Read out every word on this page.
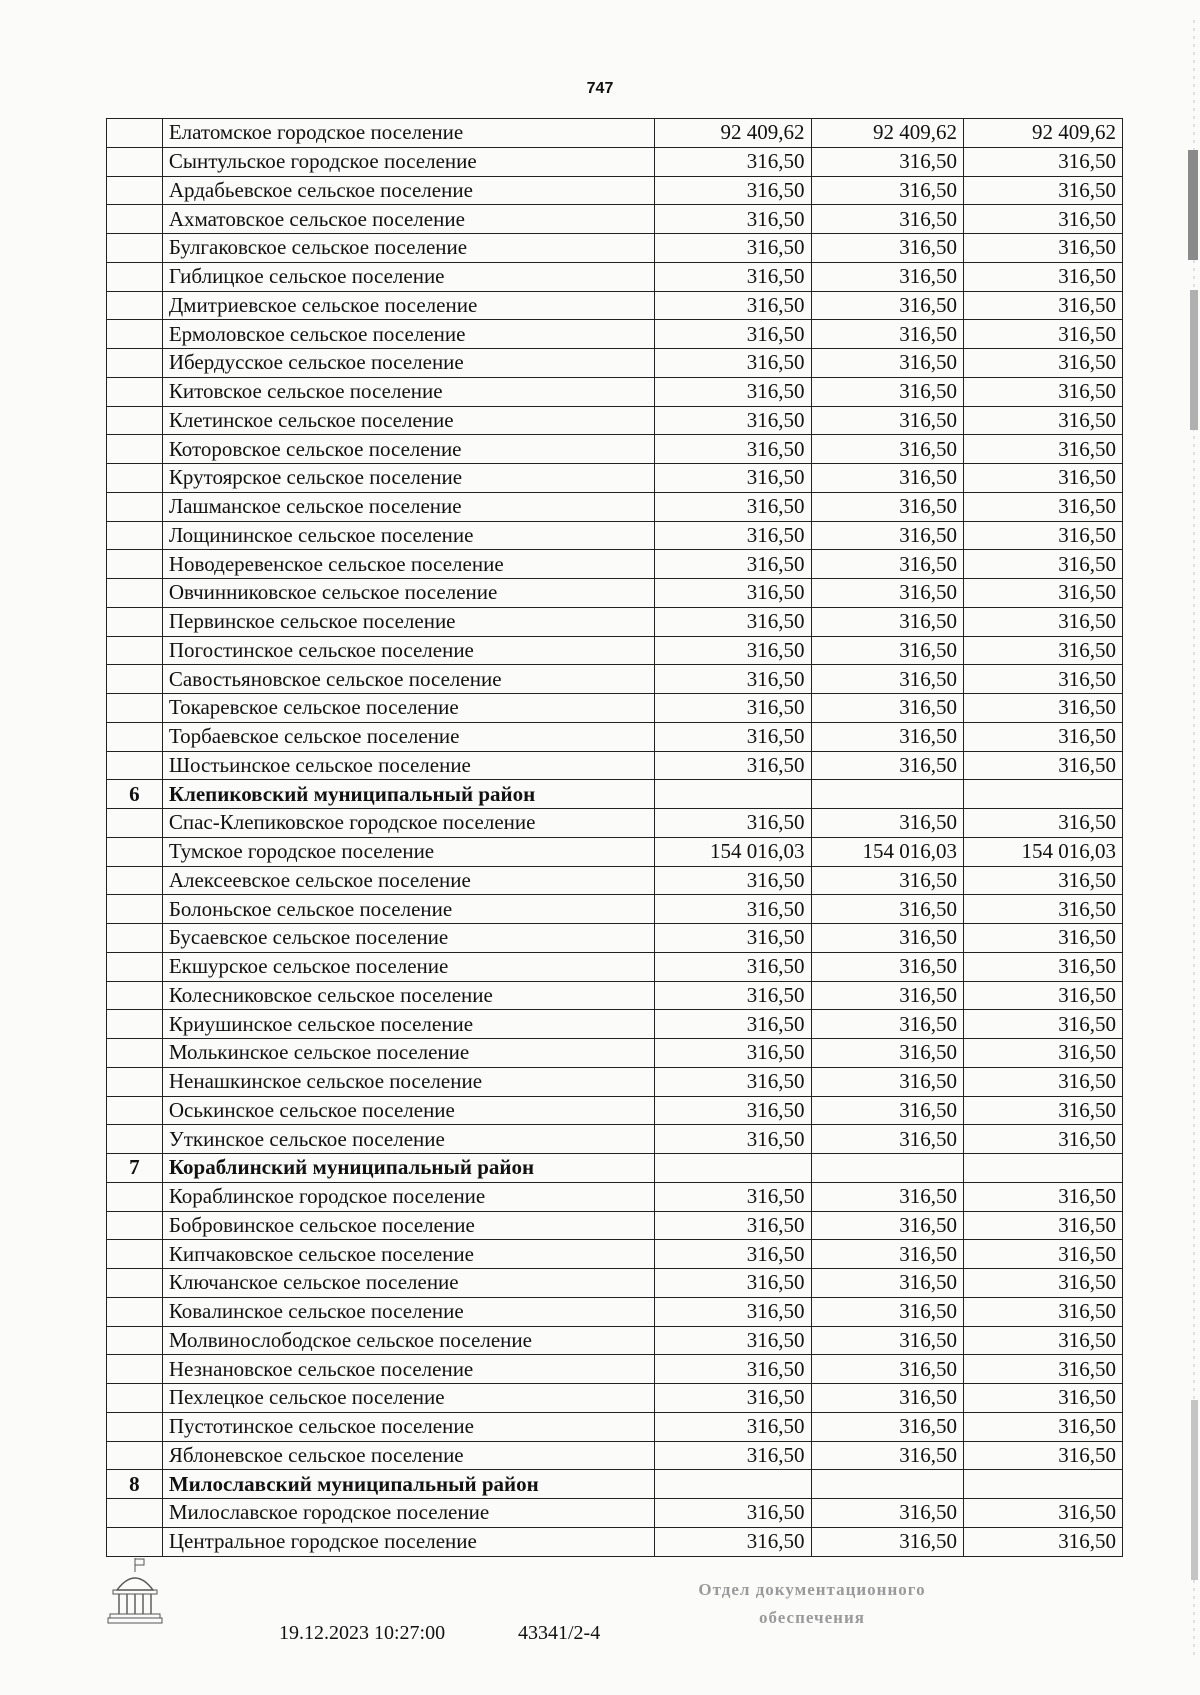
747
	Елатомское городское поселение	92 409,62	92 409,62	92 409,62
	Сынтульское городское поселение	316,50	316,50	316,50
	Ардабьевское сельское поселение	316,50	316,50	316,50
	Ахматовское сельское поселение	316,50	316,50	316,50
	Булгаковское сельское поселение	316,50	316,50	316,50
	Гиблицкое сельское поселение	316,50	316,50	316,50
	Дмитриевское сельское поселение	316,50	316,50	316,50
	Ермоловское сельское поселение	316,50	316,50	316,50
	Ибердусское сельское поселение	316,50	316,50	316,50
	Китовское сельское поселение	316,50	316,50	316,50
	Клетинское сельское поселение	316,50	316,50	316,50
	Которовское сельское поселение	316,50	316,50	316,50
	Крутоярское сельское поселение	316,50	316,50	316,50
	Лашманское сельское поселение	316,50	316,50	316,50
	Лощининское сельское поселение	316,50	316,50	316,50
	Новодеревенское сельское поселение	316,50	316,50	316,50
	Овчинниковское сельское поселение	316,50	316,50	316,50
	Первинское сельское поселение	316,50	316,50	316,50
	Погостинское сельское поселение	316,50	316,50	316,50
	Савостьяновское сельское поселение	316,50	316,50	316,50
	Токаревское сельское поселение	316,50	316,50	316,50
	Торбаевское сельское поселение	316,50	316,50	316,50
	Шостьинское сельское поселение	316,50	316,50	316,50
6	Клепиковский муниципальный район			
	Спас-Клепиковское городское поселение	316,50	316,50	316,50
	Тумское городское поселение	154 016,03	154 016,03	154 016,03
	Алексеевское сельское поселение	316,50	316,50	316,50
	Болоньское сельское поселение	316,50	316,50	316,50
	Бусаевское сельское поселение	316,50	316,50	316,50
	Екшурское сельское поселение	316,50	316,50	316,50
	Колесниковское сельское поселение	316,50	316,50	316,50
	Криушинское сельское поселение	316,50	316,50	316,50
	Молькинское сельское поселение	316,50	316,50	316,50
	Ненашкинское сельское поселение	316,50	316,50	316,50
	Оськинское сельское поселение	316,50	316,50	316,50
	Уткинское сельское поселение	316,50	316,50	316,50
7	Кораблинский муниципальный район			
	Кораблинское городское поселение	316,50	316,50	316,50
	Бобровинское сельское поселение	316,50	316,50	316,50
	Кипчаковское сельское поселение	316,50	316,50	316,50
	Ключанское сельское поселение	316,50	316,50	316,50
	Ковалинское сельское поселение	316,50	316,50	316,50
	Молвинослободское сельское поселение	316,50	316,50	316,50
	Незнановское сельское поселение	316,50	316,50	316,50
	Пехлецкое сельское поселение	316,50	316,50	316,50
	Пустотинское сельское поселение	316,50	316,50	316,50
	Яблоневское сельское поселение	316,50	316,50	316,50
8	Милославский муниципальный район			
	Милославское городское поселение	316,50	316,50	316,50
	Центральное городское поселение	316,50	316,50	316,50
19.12.2023 10:27:00	43341/2-4
Отдел документационного
обеспечения
